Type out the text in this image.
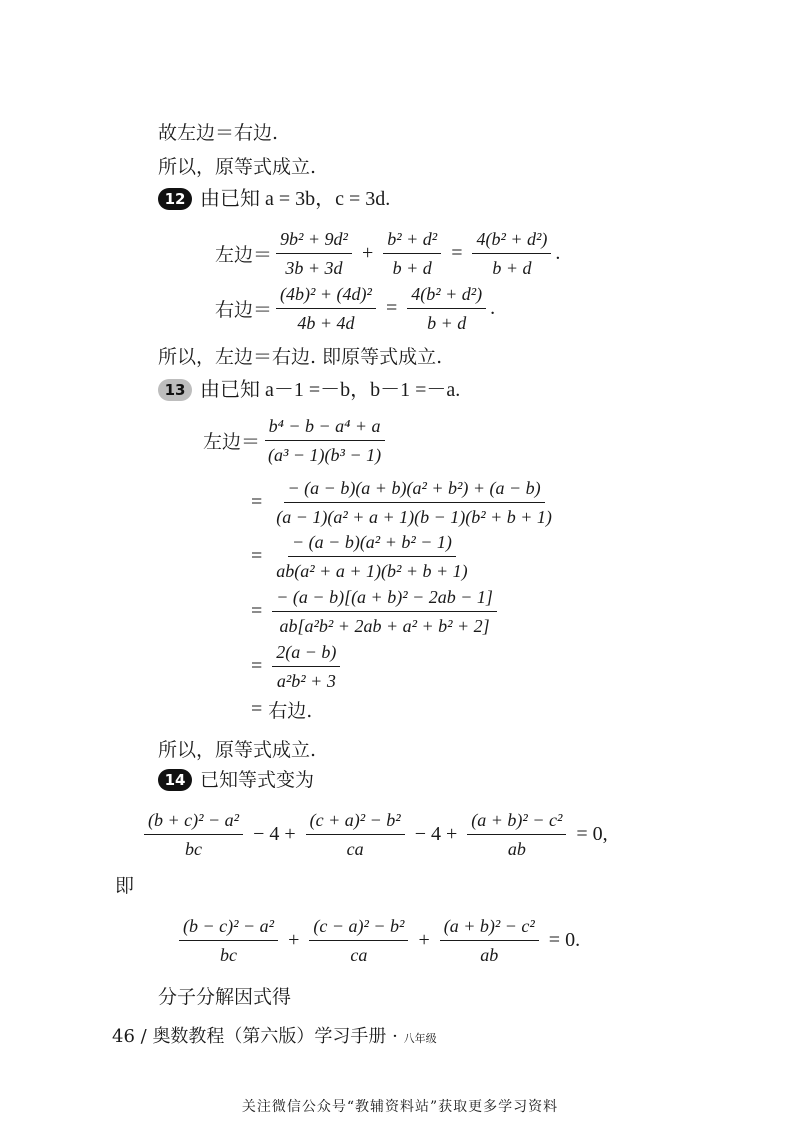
故左边＝右边.
所以，原等式成立.
12 由已知 a = 3b，c = 3d.
左边＝ $\frac{\text{9b² + 9d²}}{3b + 3d} + \frac{\text{b² + d²}}{b + d} = \frac{\text{4(b² + d²)}}{b + d}$ .
右边＝ $\frac{\text{(4b)² + (4d)²}}{4b + 4d} = \frac{\text{4(b² + d²)}}{b + d}$ .
所以，左边＝右边. 即原等式成立.
13 由已知 a－1 =－b，b－1 =－a.
左边＝ $\frac{\text{b⁴ − b − a⁴ + a}}{\text{(a³ − 1)(b³ − 1)}}$
= $\frac{\text{− (a − b)(a + b)(a² + b²) + (a − b)}}{\text{(a − 1)(a² + a + 1)(b − 1)(b² + b + 1)}}$
= $\frac{\text{− (a − b)(a² + b² − 1)}}{\text{ab(a² + a + 1)(b² + b + 1)}}$
= $\frac{\text{− (a − b)[(a + b)² − 2ab − 1]}}{\text{ab[a²b² + 2ab + a² + b² + 2]}}$
= $\frac{2(a - b)}{\text{a²b² + 3}}$
= 右边.
所以，原等式成立.
14 已知等式变为
$\frac{\text{(b + c)² − a²}}{bc} - 4 + \frac{\text{(c + a)² − b²}}{ca} - 4 + \frac{\text{(a + b)² − c²}}{ab} = 0$,
即
$\frac{\text{(b − c)² − a²}}{bc} + \frac{\text{(c − a)² − b²}}{ca} + \frac{\text{(a + b)² − c²}}{ab} = 0$.
分子分解因式得
46 / 奥数教程（第六版）学习手册 · 八年级
关注微信公众号“教辅资料站”获取更多学习资料
